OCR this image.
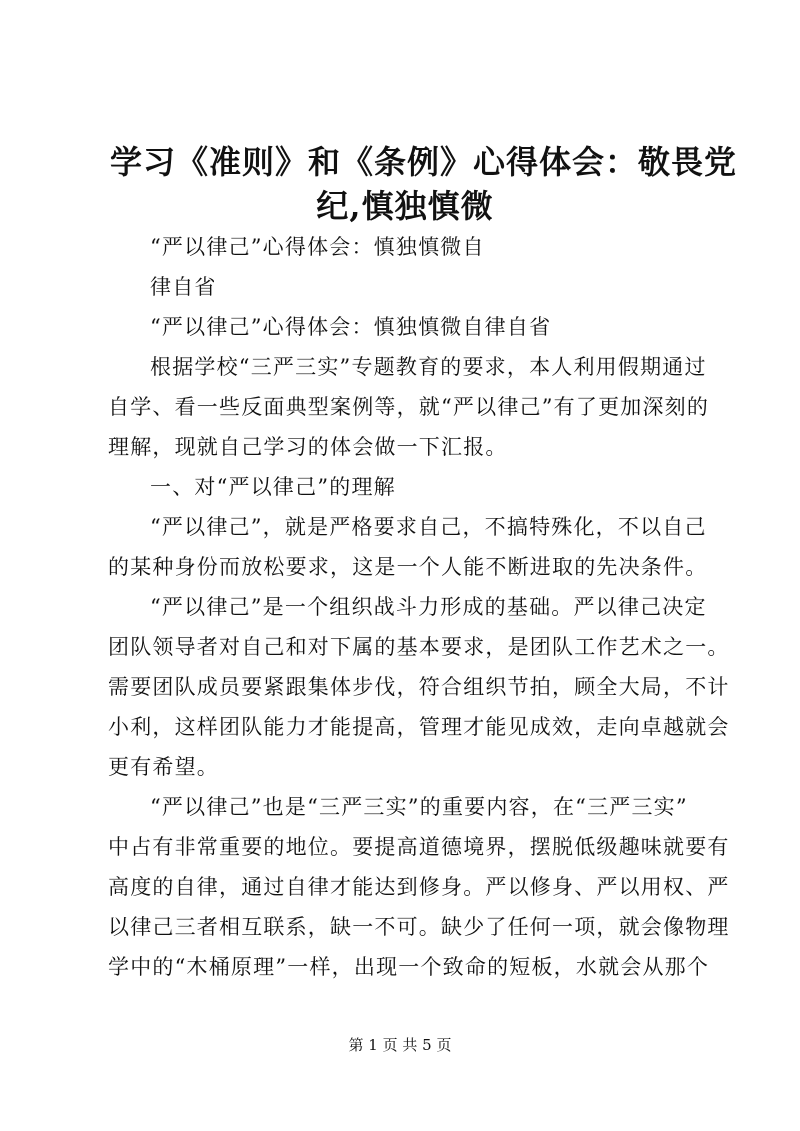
学习《准则》和《条例》心得体会：敬畏党
纪,慎独慎微
“严以律己”心得体会：慎独慎微自
律自省
“严以律己”心得体会：慎独慎微自律自省
根据学校“三严三实”专题教育的要求，本人利用假期通过
自学、看一些反面典型案例等，就“严以律己”有了更加深刻的
理解，现就自己学习的体会做一下汇报。
一、对“严以律己”的理解
“严以律己”，就是严格要求自己，不搞特殊化，不以自己
的某种身份而放松要求，这是一个人能不断进取的先决条件。
“严以律己”是一个组织战斗力形成的基础。严以律己决定
团队领导者对自己和对下属的基本要求，是团队工作艺术之一。
需要团队成员要紧跟集体步伐，符合组织节拍，顾全大局，不计
小利，这样团队能力才能提高，管理才能见成效，走向卓越就会
更有希望。
“严以律己”也是“三严三实”的重要内容，在“三严三实”
中占有非常重要的地位。要提高道德境界，摆脱低级趣味就要有
高度的自律，通过自律才能达到修身。严以修身、严以用权、严
以律己三者相互联系，缺一不可。缺少了任何一项，就会像物理
学中的“木桶原理”一样，出现一个致命的短板，水就会从那个
第 1 页 共 5 页
